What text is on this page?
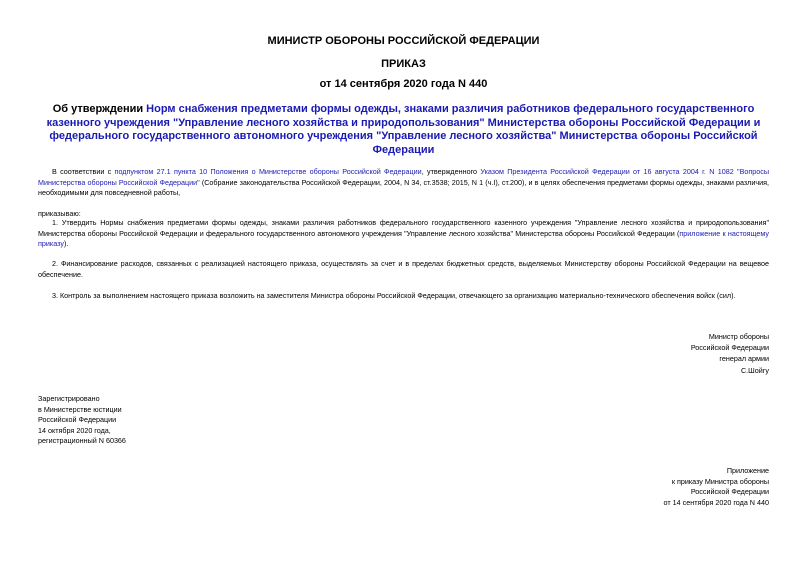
МИНИСТР ОБОРОНЫ РОССИЙСКОЙ ФЕДЕРАЦИИ
ПРИКАЗ
от 14 сентября 2020 года N 440
Об утверждении Норм снабжения предметами формы одежды, знаками различия работников федерального государственного казенного учреждения "Управление лесного хозяйства и природопользования" Министерства обороны Российской Федерации и федерального государственного автономного учреждения "Управление лесного хозяйства" Министерства обороны Российской Федерации
В соответствии с подпунктом 27.1 пункта 10 Положения о Министерстве обороны Российской Федерации, утвержденного Указом Президента Российской Федерации от 16 августа 2004 г. N 1082 "Вопросы Министерства обороны Российской Федерации" (Собрание законодательства Российской Федерации, 2004, N 34, ст.3538; 2015, N 1 (ч.I), ст.200), и в целях обеспечения предметами формы одежды, знаками различия, необходимыми для повседневной работы,
приказываю:
1. Утвердить Нормы снабжения предметами формы одежды, знаками различия работников федерального государственного казенного учреждения "Управление лесного хозяйства и природопользования" Министерства обороны Российской Федерации и федерального государственного автономного учреждения "Управление лесного хозяйства" Министерства обороны Российской Федерации (приложение к настоящему приказу).
2. Финансирование расходов, связанных с реализацией настоящего приказа, осуществлять за счет и в пределах бюджетных средств, выделяемых Министерству обороны Российской Федерации на вещевое обеспечение.
3. Контроль за выполнением настоящего приказа возложить на заместителя Министра обороны Российской Федерации, отвечающего за организацию материально-технического обеспечения войск (сил).
Министр обороны
Российской Федерации
генерал армии
С.Шойгу
Зарегистрировано
в Министерстве юстиции
Российской Федерации
14 октября 2020 года,
регистрационный N 60366
Приложение
к приказу Министра обороны
Российской Федерации
от 14 сентября 2020 года N 440
